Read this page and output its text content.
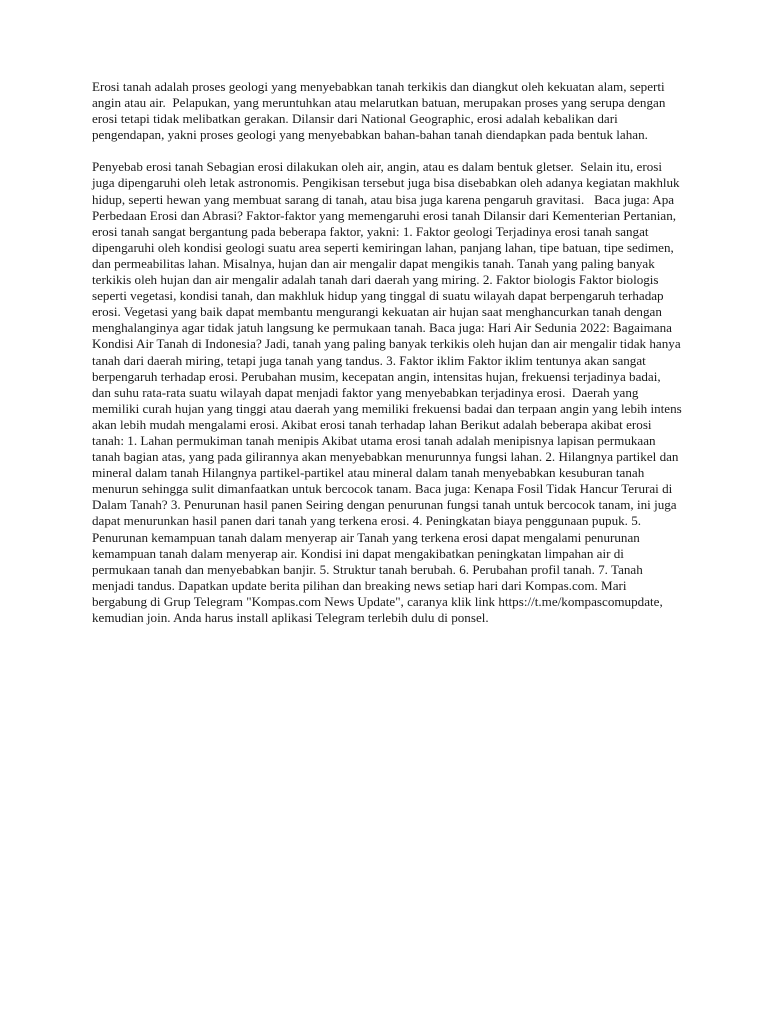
Erosi tanah adalah proses geologi yang menyebabkan tanah terkikis dan diangkut oleh kekuatan alam, seperti angin atau air.  Pelapukan, yang meruntuhkan atau melarutkan batuan, merupakan proses yang serupa dengan erosi tetapi tidak melibatkan gerakan. Dilansir dari National Geographic, erosi adalah kebalikan dari pengendapan, yakni proses geologi yang menyebabkan bahan-bahan tanah diendapkan pada bentuk lahan.

Penyebab erosi tanah Sebagian erosi dilakukan oleh air, angin, atau es dalam bentuk gletser.  Selain itu, erosi juga dipengaruhi oleh letak astronomis. Pengikisan tersebut juga bisa disebabkan oleh adanya kegiatan makhluk hidup, seperti hewan yang membuat sarang di tanah, atau bisa juga karena pengaruh gravitasi.   Baca juga: Apa Perbedaan Erosi dan Abrasi? Faktor-faktor yang memengaruhi erosi tanah Dilansir dari Kementerian Pertanian, erosi tanah sangat bergantung pada beberapa faktor, yakni: 1. Faktor geologi Terjadinya erosi tanah sangat dipengaruhi oleh kondisi geologi suatu area seperti kemiringan lahan, panjang lahan, tipe batuan, tipe sedimen, dan permeabilitas lahan. Misalnya, hujan dan air mengalir dapat mengikis tanah. Tanah yang paling banyak terkikis oleh hujan dan air mengalir adalah tanah dari daerah yang miring. 2. Faktor biologis Faktor biologis seperti vegetasi, kondisi tanah, dan makhluk hidup yang tinggal di suatu wilayah dapat berpengaruh terhadap erosi. Vegetasi yang baik dapat membantu mengurangi kekuatan air hujan saat menghancurkan tanah dengan menghalanginya agar tidak jatuh langsung ke permukaan tanah. Baca juga: Hari Air Sedunia 2022: Bagaimana Kondisi Air Tanah di Indonesia? Jadi, tanah yang paling banyak terkikis oleh hujan dan air mengalir tidak hanya tanah dari daerah miring, tetapi juga tanah yang tandus. 3. Faktor iklim Faktor iklim tentunya akan sangat berpengaruh terhadap erosi. Perubahan musim, kecepatan angin, intensitas hujan, frekuensi terjadinya badai, dan suhu rata-rata suatu wilayah dapat menjadi faktor yang menyebabkan terjadinya erosi.  Daerah yang memiliki curah hujan yang tinggi atau daerah yang memiliki frekuensi badai dan terpaan angin yang lebih intens akan lebih mudah mengalami erosi. Akibat erosi tanah terhadap lahan Berikut adalah beberapa akibat erosi tanah: 1. Lahan permukiman tanah menipis Akibat utama erosi tanah adalah menipisnya lapisan permukaan tanah bagian atas, yang pada gilirannya akan menyebabkan menurunnya fungsi lahan. 2. Hilangnya partikel dan mineral dalam tanah Hilangnya partikel-partikel atau mineral dalam tanah menyebabkan kesuburan tanah menurun sehingga sulit dimanfaatkan untuk bercocok tanam. Baca juga: Kenapa Fosil Tidak Hancur Terurai di Dalam Tanah? 3. Penurunan hasil panen Seiring dengan penurunan fungsi tanah untuk bercocok tanam, ini juga dapat menurunkan hasil panen dari tanah yang terkena erosi. 4. Peningkatan biaya penggunaan pupuk. 5. Penurunan kemampuan tanah dalam menyerap air Tanah yang terkena erosi dapat mengalami penurunan kemampuan tanah dalam menyerap air. Kondisi ini dapat mengakibatkan peningkatan limpahan air di permukaan tanah dan menyebabkan banjir. 5. Struktur tanah berubah. 6. Perubahan profil tanah. 7. Tanah menjadi tandus. Dapatkan update berita pilihan dan breaking news setiap hari dari Kompas.com. Mari bergabung di Grup Telegram "Kompas.com News Update", caranya klik link https://t.me/kompascomupdate, kemudian join. Anda harus install aplikasi Telegram terlebih dulu di ponsel.
